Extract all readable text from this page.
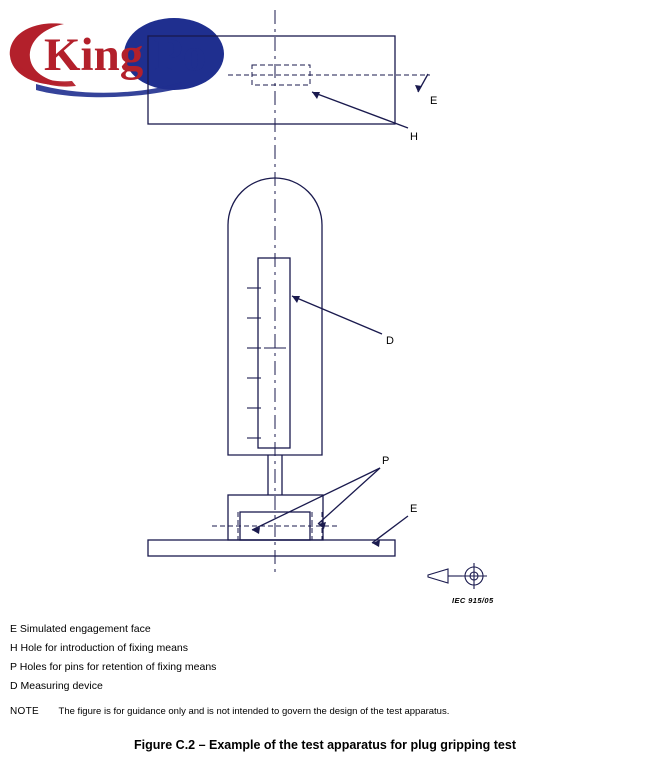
King Po
E
H
D
P
E
IEC 915/05
E Simulated engagement face
H Hole for introduction of fixing means
P Holes for pins for retention of fixing means
D Measuring device
NOTE The figure is for guidance only and is not intended to govern the design of the test apparatus.
Figure C.2 – Example of the test apparatus for plug gripping test
